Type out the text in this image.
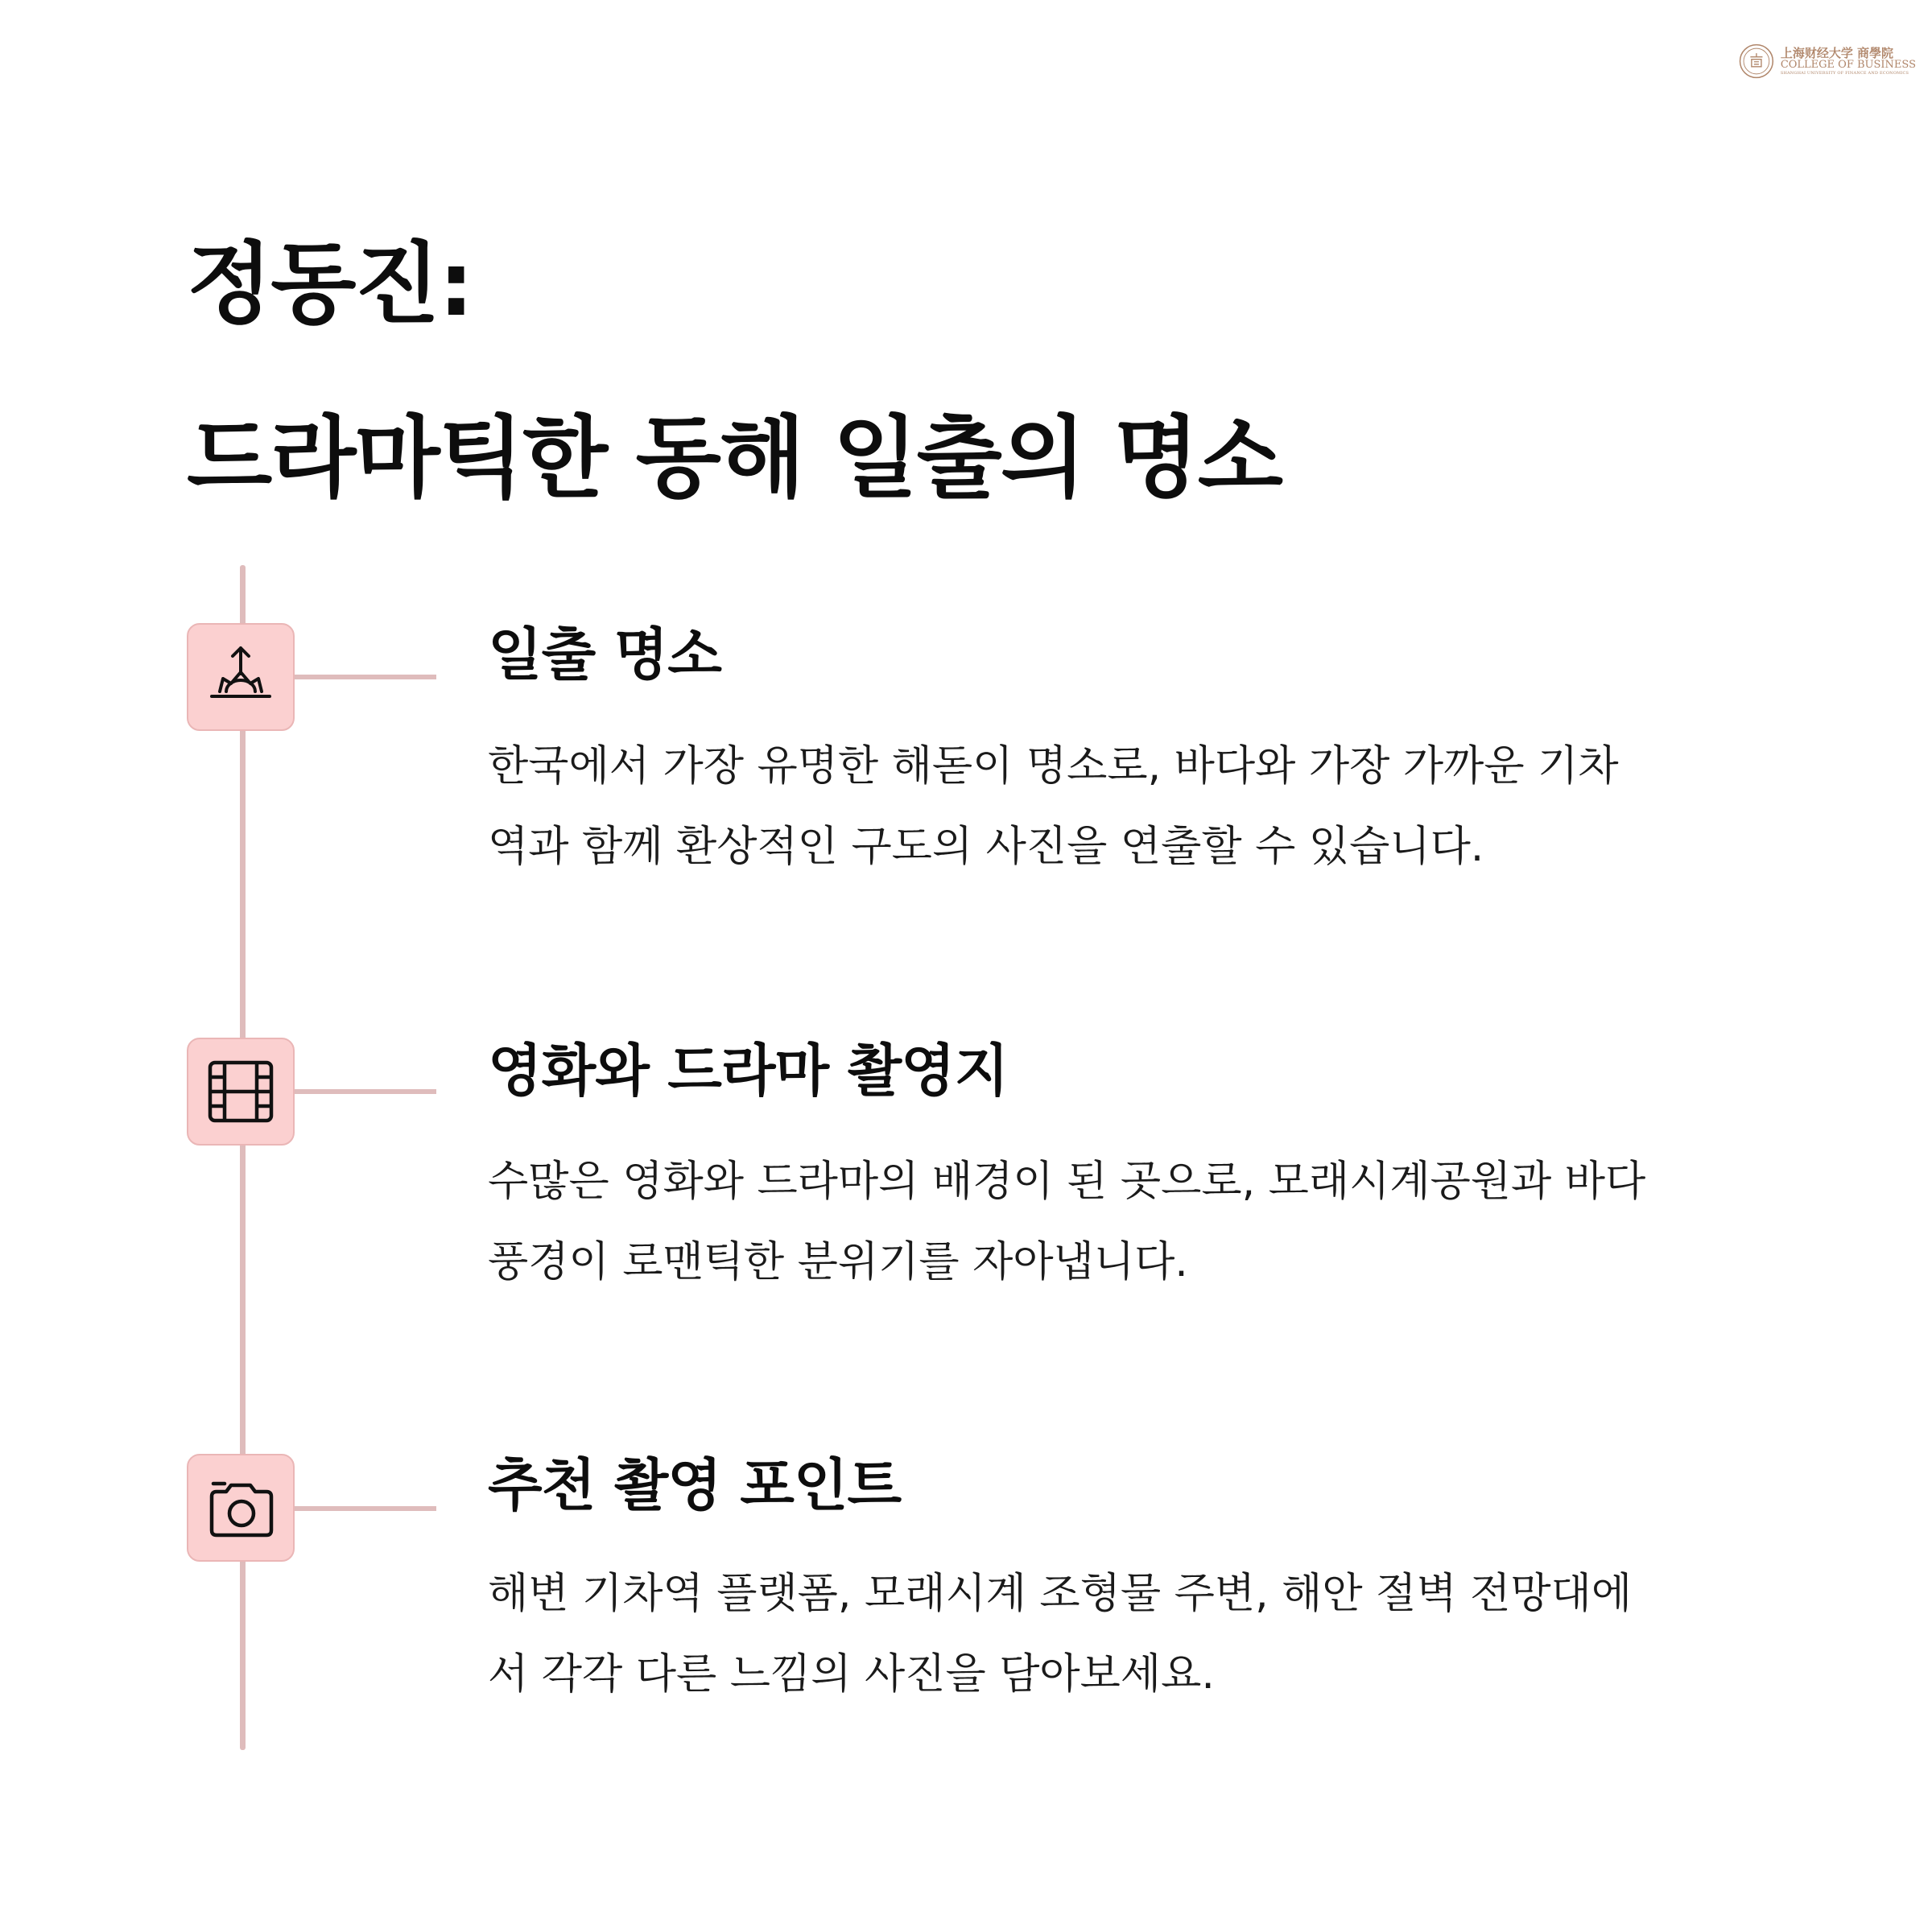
上海财经大学 商學院
COLLEGE OF BUSINESS
SHANGHAI UNIVERSITY OF FINANCE AND ECONOMICS
정동진:
드라마틱한 동해 일출의 명소
일출 명소

한국에서 가장 유명한 해돋이 명소로, 바다와 가장 가까운 기차
역과 함께 환상적인 구도의 사진을 연출할 수 있습니다.

영화와 드라마 촬영지

수많은 영화와 드라마의 배경이 된 곳으로, 모래시계공원과 바다
풍경이 로맨틱한 분위기를 자아냅니다.

추천 촬영 포인트

해변 기차역 플랫폼, 모래시계 조형물 주변, 해안 절벽 전망대에
서 각각 다른 느낌의 사진을 담아보세요.
